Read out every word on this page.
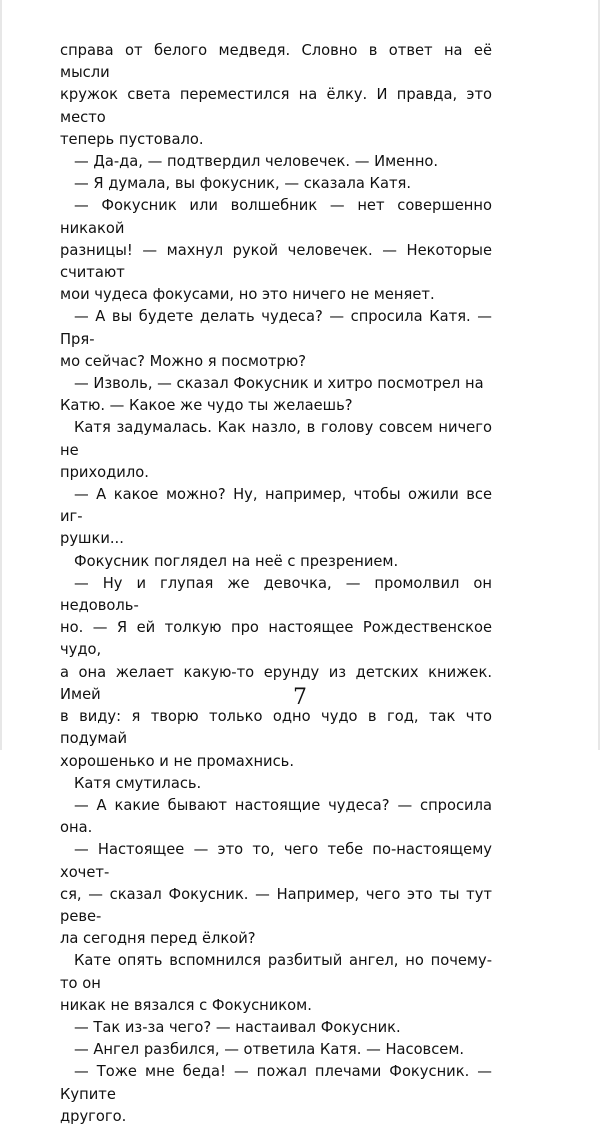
справа от белого медведя. Словно в ответ на её мысли
кружок света переместился на ёлку. И правда, это место
теперь пустовало.

— Да-да, — подтвердил человечек. — Именно.

— Я думала, вы фокусник, — сказала Катя.

— Фокусник или волшебник — нет совершенно никакой
разницы! — махнул рукой человечек. — Некоторые считают
мои чудеса фокусами, но это ничего не меняет.

— А вы будете делать чудеса? — спросила Катя. — Пря-
мо сейчас? Можно я посмотрю?

— Изволь, — сказал Фокусник и хитро посмотрел на
Катю. — Какое же чудо ты желаешь?

Катя задумалась. Как назло, в голову совсем ничего не
приходило.

— А какое можно? Ну, например, чтобы ожили все иг-
рушки...

Фокусник поглядел на неё с презрением.

— Ну и глупая же девочка, — промолвил он недоволь-
но. — Я ей толкую про настоящее Рождественское чудо,
а она желает какую-то ерунду из детских книжек. Имей
в виду: я творю только одно чудо в год, так что подумай
хорошенько и не промахнись.

Катя смутилась.

— А какие бывают настоящие чудеса? — спросила она.

— Настоящее — это то, чего тебе по-настоящему хочет-
ся, — сказал Фокусник. — Например, чего это ты тут реве-
ла сегодня перед ёлкой?

Кате опять вспомнился разбитый ангел, но почему-то он
никак не вязался с Фокусником.

— Так из-за чего? — настаивал Фокусник.

— Ангел разбился, — ответила Катя. — Насовсем.

— Тоже мне беда! — пожал плечами Фокусник. — Купите
другого.

7
